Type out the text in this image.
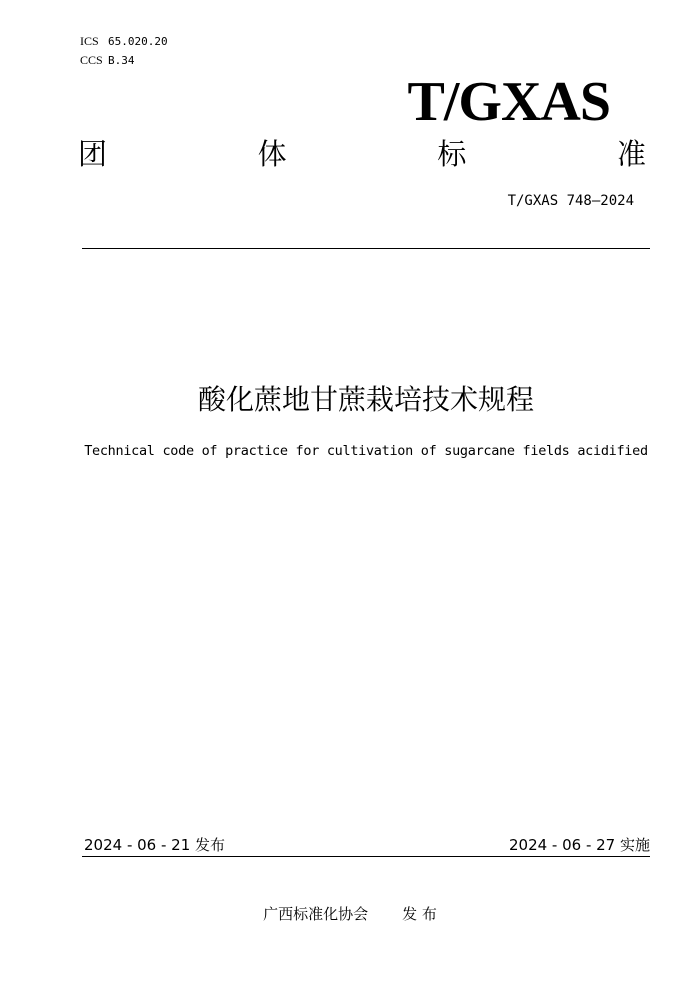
ICS 65.020.20
CCS B.34
T/GXAS
团	体	标	准
T/GXAS 748—2024
酸化蔗地甘蔗栽培技术规程
Technical code of practice for cultivation of sugarcane fields acidified
2024 - 06 - 21 发布	2024 - 06 - 27 实施
广西标准化协会 发 布
